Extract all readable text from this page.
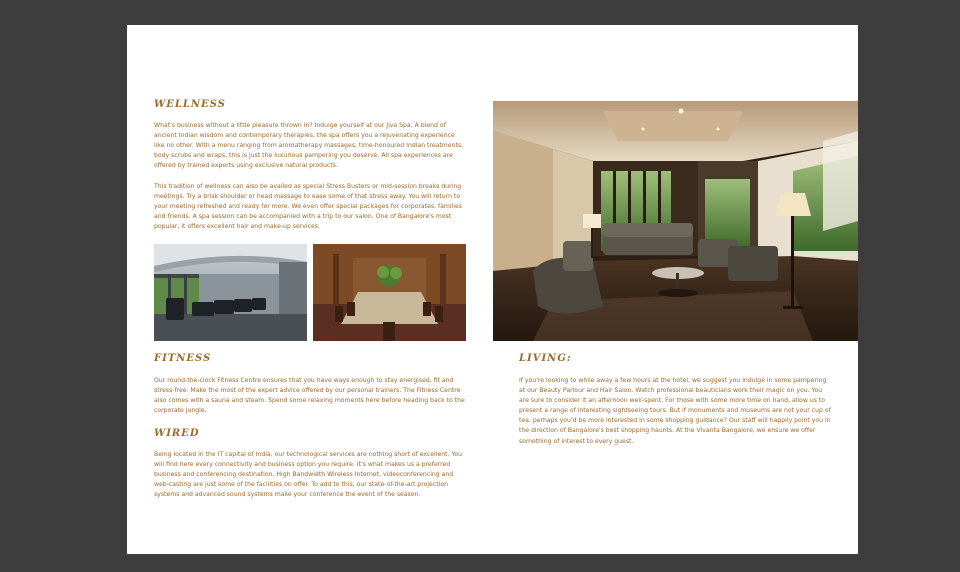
WELLNESS

What's business without a little pleasure thrown in? Indulge yourself at our Jiva Spa. A blend of ancient Indian wisdom and contemporary therapies, the spa offers you a rejuvenating experience like no other. With a menu ranging from aromatherapy massages, time-honoured Indian treatments, body scrubs and wraps, this is just the luxurious pampering you deserve. All spa experiences are offered by trained experts using exclusive natural products.

This tradition of wellness can also be availed as special Stress Busters or mid-session breaks during meetings. Try a brisk shoulder or head massage to ease some of that stress away. You will return to your meeting refreshed and ready for more. We even offer special packages for corporates, families and friends. A spa session can be accompanied with a trip to our salon. One of Bangalore's most popular, it offers excellent hair and make-up services.

FITNESS

Our round-the-clock Fitness Centre ensures that you have ways enough to stay energised, fit and stress-free. Make the most of the expert advice offered by our personal trainers. The Fitness Centre also comes with a sauna and steam. Spend some relaxing moments here before heading back to the corporate jungle.

WIRED

Being located in the IT capital of India, our technological services are nothing short of excellent. You will find here every connectivity and business option you require. It's what makes us a preferred business and conferencing destination. High Bandwidth Wireless Internet, videoconferencing and web-casting are just some of the facilities on offer. To add to this, our state-of-the-art projection systems and advanced sound systems make your conference the event of the season.

LIVING:

If you're looking to while away a few hours at the hotel, we suggest you indulge in some pampering at our Beauty Parlour and Hair Salon. Watch professional beauticians work their magic on you. You are sure to consider it an afternoon well-spent. For those with some more time on hand, allow us to present a range of interesting sightseeing tours. But if monuments and museums are not your cup of tea, perhaps you'd be more interested in some shopping guidance? Our staff will happily point you in the direction of Bangalore's best shopping haunts. At the Vivanta Bangalore, we ensure we offer something of interest to every guest.
